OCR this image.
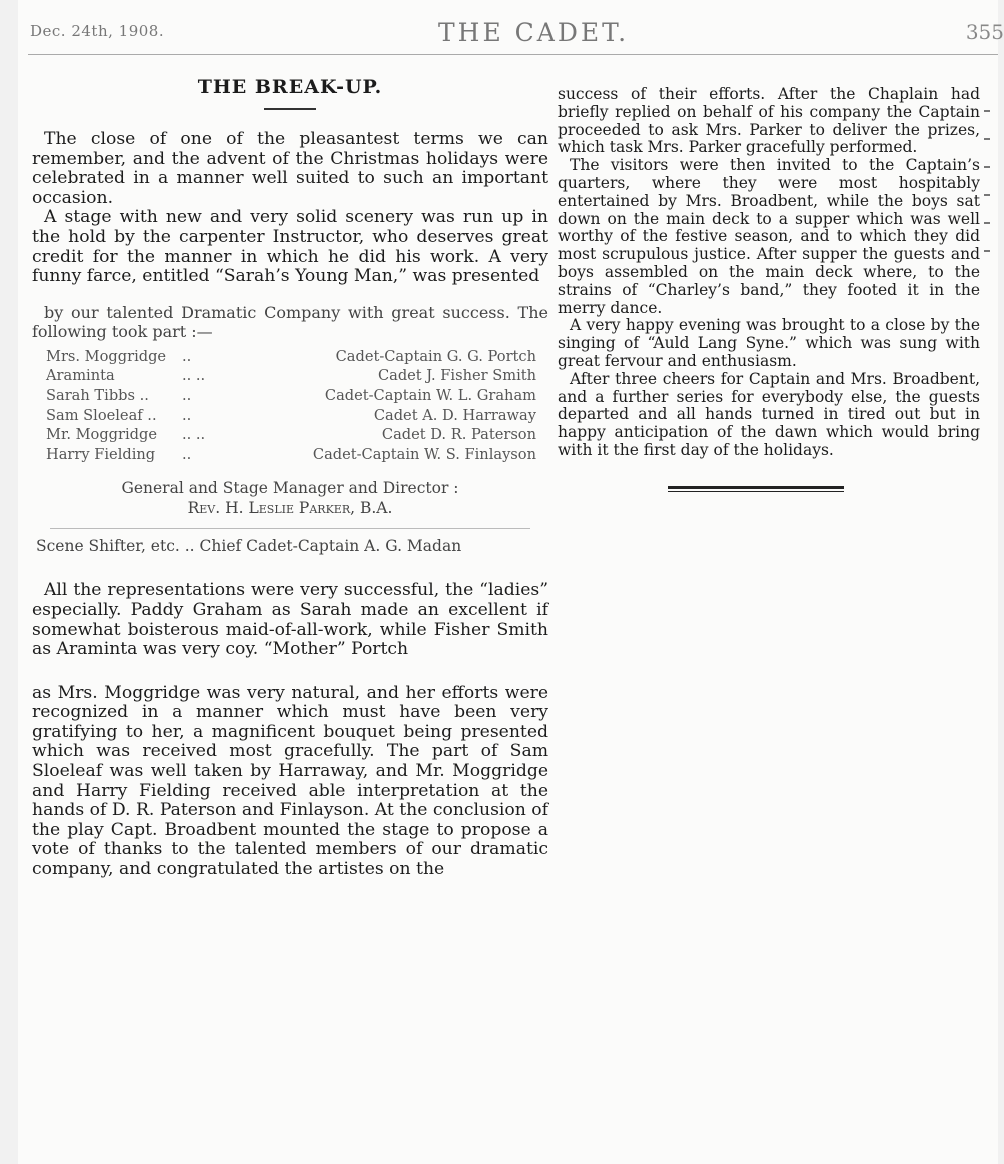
Dec. 24th, 1908.	THE CADET.	355
THE BREAK-UP.

The close of one of the pleasantest terms we can remember, and the advent of the Christmas holidays were celebrated in a manner well suited to such an important occasion.

A stage with new and very solid scenery was run up in the hold by the carpenter Instructor, who deserves great credit for the manner in which he did his work. A very funny farce, entitled “Sarah’s Young Man,” was presented

by our talented Dramatic Company with great success. The following took part :—

Mrs. Moggridge	..	Cadet-Captain G. G. Portch
Araminta	.. ..	Cadet J. Fisher Smith
Sarah Tibbs ..	..	Cadet-Captain W. L. Graham
Sam Sloeleaf ..	..	Cadet A. D. Harraway
Mr. Moggridge	.. ..	Cadet D. R. Paterson
Harry Fielding	..	Cadet-Captain W. S. Finlayson
General and Stage Manager and Director :
Rev. H. Leslie Parker, B.A.
Scene Shifter, etc. .. Chief Cadet-Captain A. G. Madan

All the representations were very successful, the “ladies” especially. Paddy Graham as Sarah made an excellent if somewhat boisterous maid-of-all-work, while Fisher Smith as Araminta was very coy. “Mother” Portch

as Mrs. Moggridge was very natural, and her efforts were recognized in a manner which must have been very gratifying to her, a magnificent bouquet being presented which was received most gracefully. The part of Sam Sloeleaf was well taken by Harraway, and Mr. Moggridge and Harry Fielding received able interpretation at the hands of D. R. Paterson and Finlayson. At the conclusion of the play Capt. Broadbent mounted the stage to propose a vote of thanks to the talented members of our dramatic company, and congratulated the artistes on the

success of their efforts. After the Chaplain had briefly replied on behalf of his company the Captain proceeded to ask Mrs. Parker to deliver the prizes, which task Mrs. Parker gracefully performed.

The visitors were then invited to the Captain’s quarters, where they were most hospitably entertained by Mrs. Broadbent, while the boys sat down on the main deck to a supper which was well worthy of the festive season, and to which they did most scrupulous justice. After supper the guests and boys assembled on the main deck where, to the strains of “Charley’s band,” they footed it in the merry dance.

A very happy evening was brought to a close by the singing of “Auld Lang Syne.” which was sung with great fervour and enthusiasm.

After three cheers for Captain and Mrs. Broadbent, and a further series for everybody else, the guests departed and all hands turned in tired out but in happy anticipation of the dawn which would bring with it the first day of the holidays.
